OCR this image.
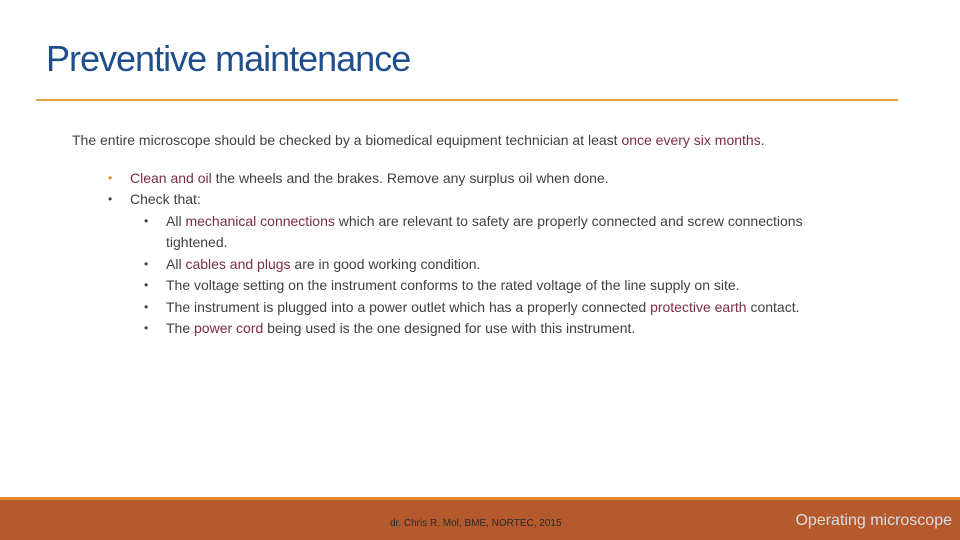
Preventive maintenance

The entire microscope should be checked by a biomedical equipment technician at least once every six months.

• Clean and oil the wheels and the brakes. Remove any surplus oil when done.
• Check that:
• All mechanical connections which are relevant to safety are properly connected and screw connections tightened.
• All cables and plugs are in good working condition.
• The voltage setting on the instrument conforms to the rated voltage of the line supply on site.
• The instrument is plugged into a power outlet which has a properly connected protective earth contact.
• The power cord being used is the one designed for use with this instrument.
dr. Chris R. Mol, BME, NORTEC, 2015	Operating microscope
